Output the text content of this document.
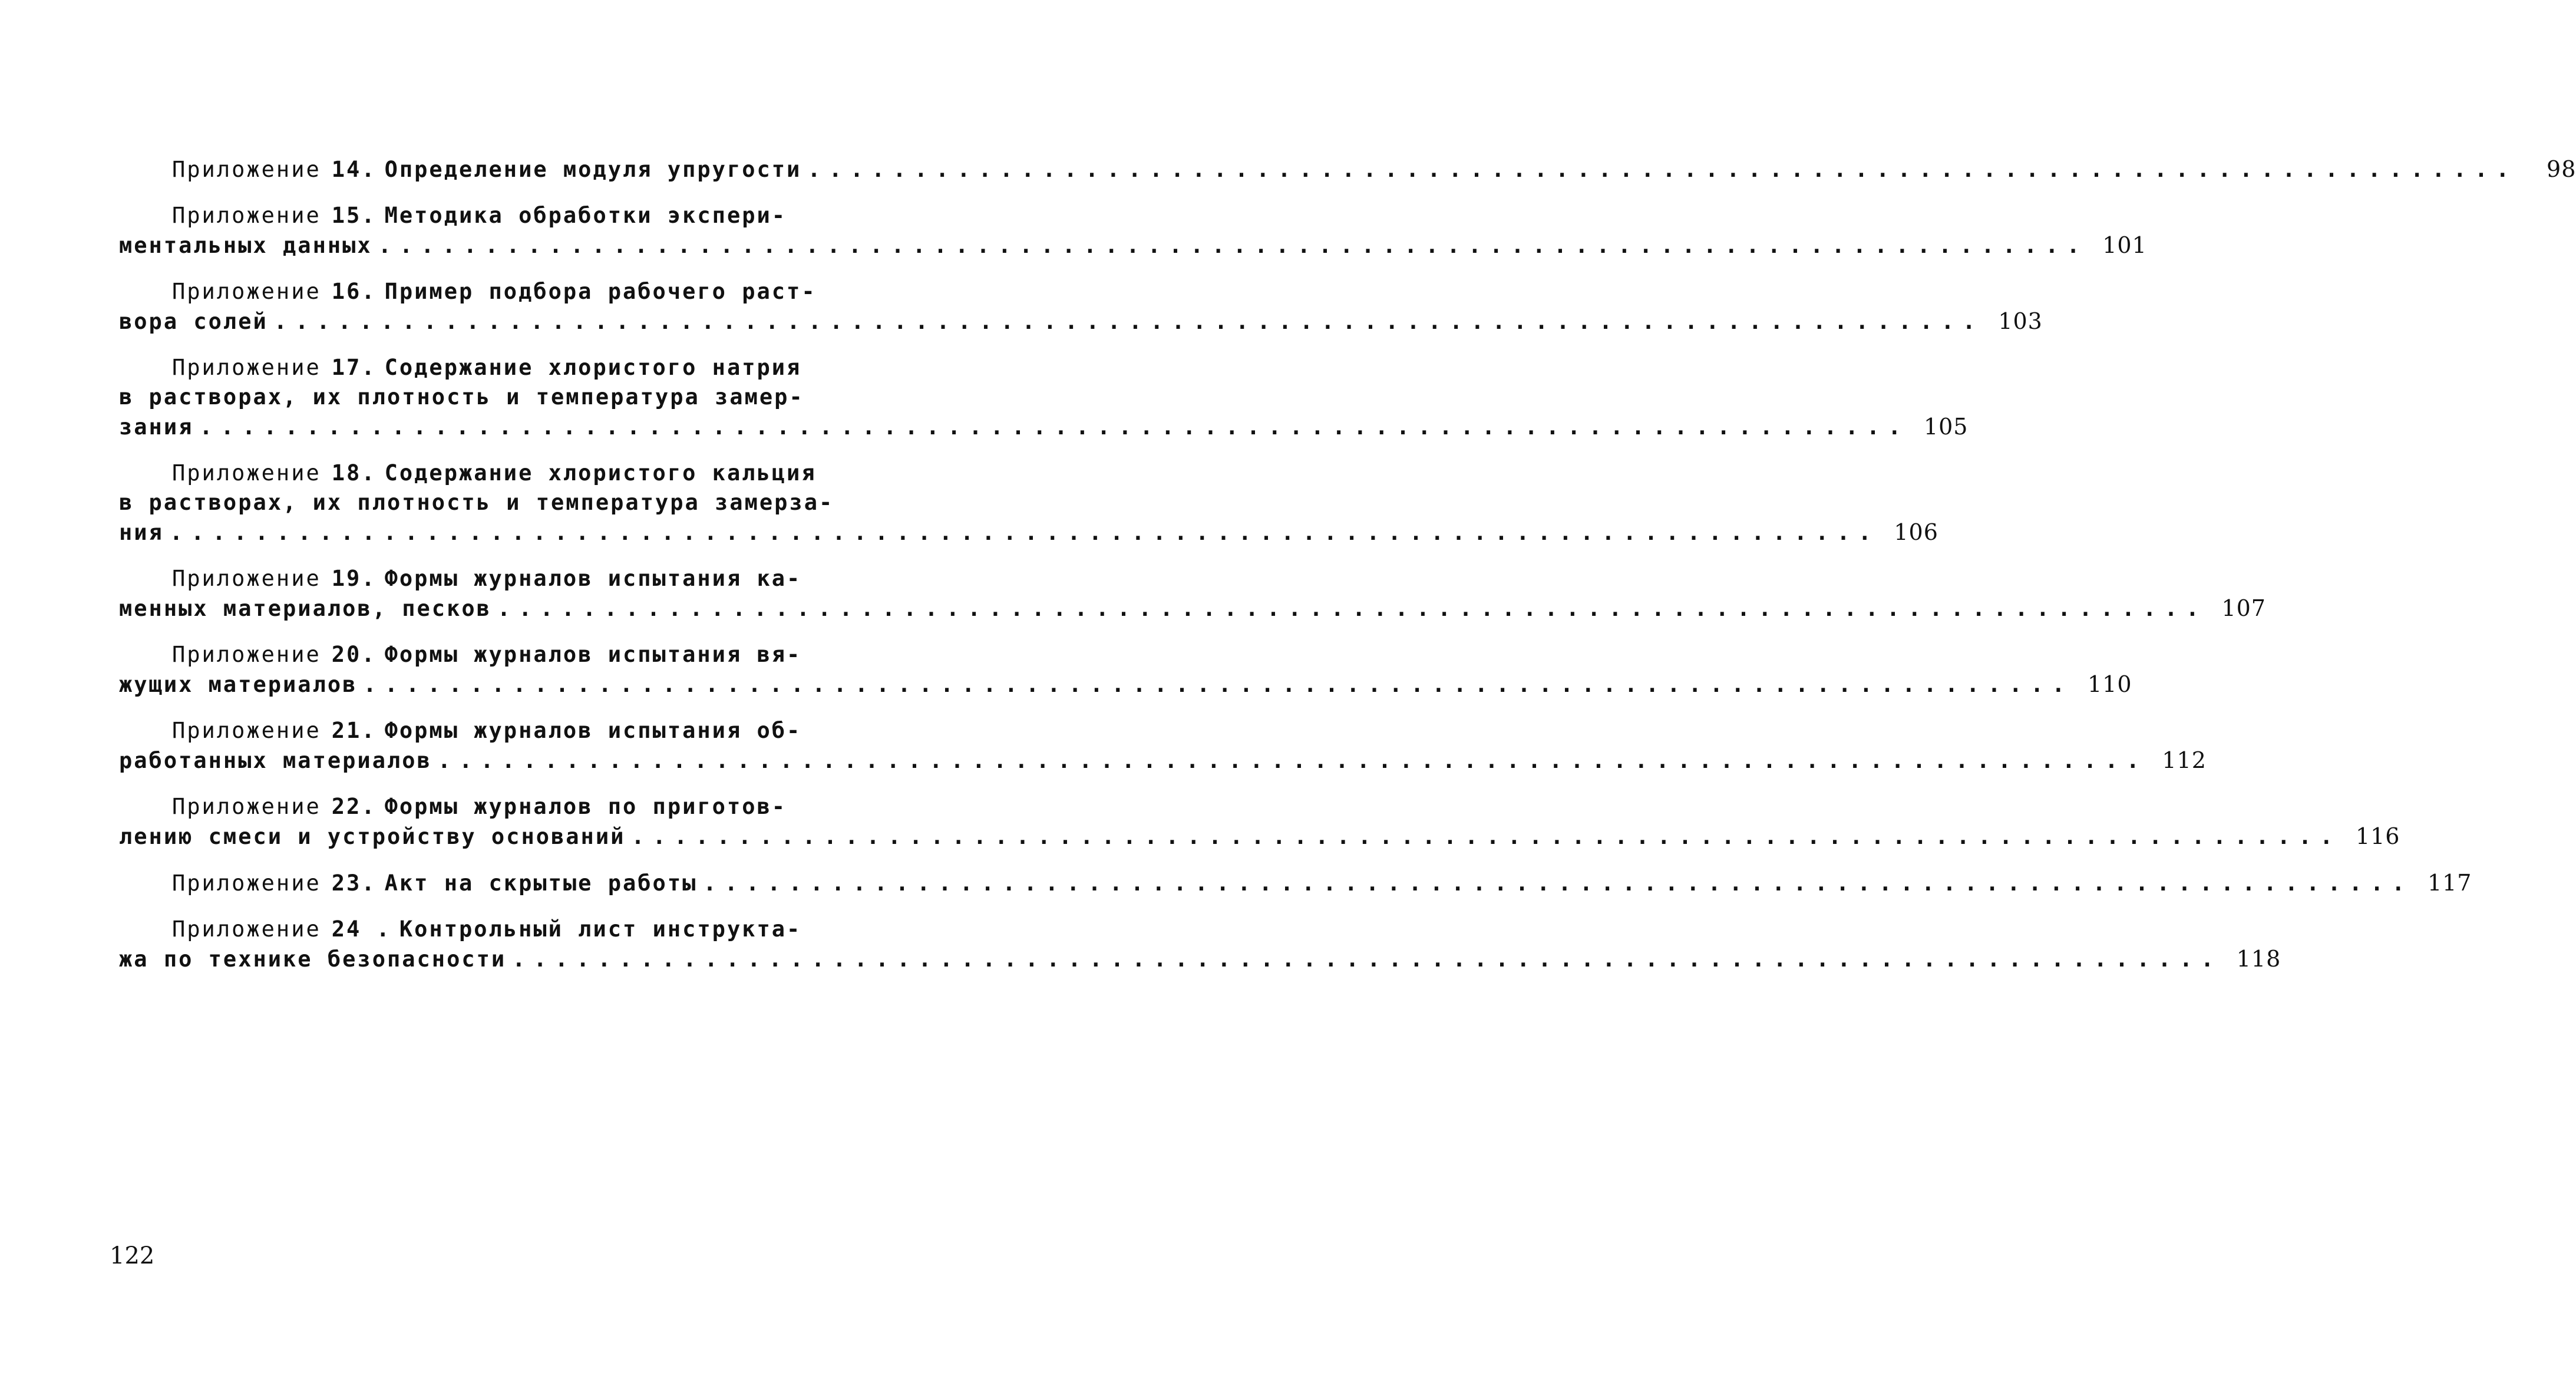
Приложение 14. Определение модуля упругости ................................................................................	98
Приложение 15. Методика обработки экспери-
ментальных данных ................................................................................ 101
Приложение 16. Пример подбора рабочего раст-
вора солей ................................................................................ 103
Приложение 17. Содержание хлористого натрия
в растворах, их плотность и температура замер-
зания ................................................................................ 105
Приложение 18. Содержание хлористого кальция
в растворах, их плотность и температура замерза-
ния ................................................................................ 106
Приложение 19. Формы журналов испытания ка-
менных материалов, песков ................................................................................ 107
Приложение 20. Формы журналов испытания вя-
жущих материалов ................................................................................ 110
Приложение 21. Формы журналов испытания об-
работанных материалов ................................................................................ 112
Приложение 22. Формы журналов по приготов-
лению смеси и устройству оснований ................................................................................ 116
Приложение 23. Акт на скрытые работы ................................................................................ 117
Приложение 24 . Контрольный лист инструкта-
жа по технике безопасности ................................................................................ 118
122
